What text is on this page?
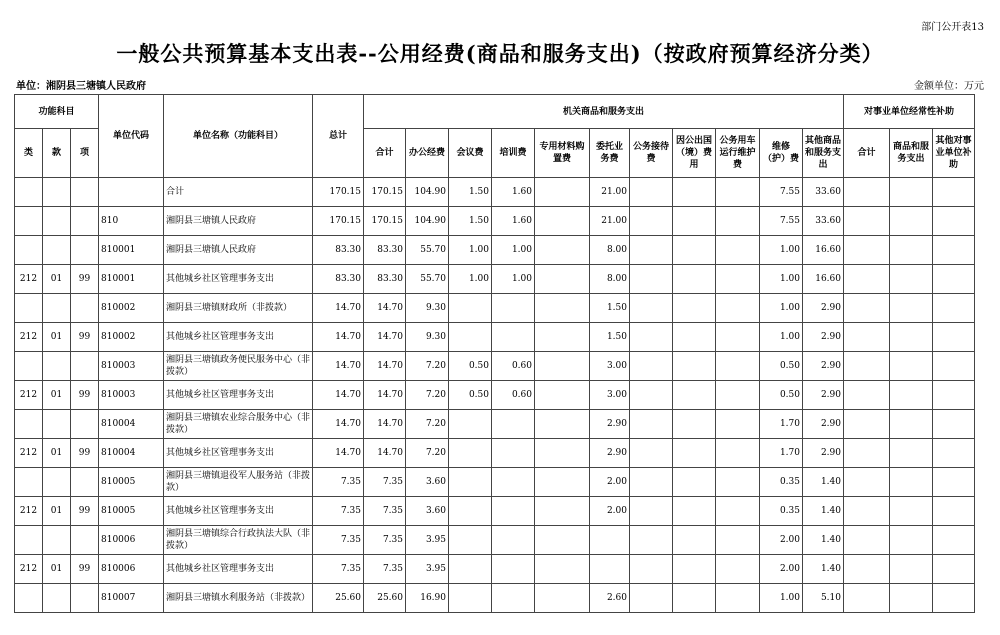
部门公开表13
一般公共预算基本支出表--公用经费(商品和服务支出)（按政府预算经济分类）
单位：湘阴县三塘镇人民政府	金额单位：万元
功能科目			单位代码	单位名称（功能科目）	总计	机关商品和服务支出											对事业单位经常性补助		
类	款	项				合计	办公经费	会议费	培训费	专用材料购置费	委托业务费	公务接待费	因公出国（境）费用	公务用车运行维护费	维修（护）费	其他商品和服务支出	合计	商品和服务支出	其他对事业单位补助
				合计	170.15	170.15	104.90	1.50	1.60		21.00				7.55	33.60			
			810	湘阴县三塘镇人民政府	170.15	170.15	104.90	1.50	1.60		21.00				7.55	33.60			
			810001	湘阴县三塘镇人民政府	83.30	83.30	55.70	1.00	1.00		8.00				1.00	16.60			
212	01	99	810001	其他城乡社区管理事务支出	83.30	83.30	55.70	1.00	1.00		8.00				1.00	16.60			
			810002	湘阴县三塘镇财政所（非拨款）	14.70	14.70	9.30				1.50				1.00	2.90			
212	01	99	810002	其他城乡社区管理事务支出	14.70	14.70	9.30				1.50				1.00	2.90			
			810003	湘阴县三塘镇政务便民服务中心（非拨款）	14.70	14.70	7.20	0.50	0.60		3.00				0.50	2.90			
212	01	99	810003	其他城乡社区管理事务支出	14.70	14.70	7.20	0.50	0.60		3.00				0.50	2.90			
			810004	湘阴县三塘镇农业综合服务中心（非拨款）	14.70	14.70	7.20				2.90				1.70	2.90			
212	01	99	810004	其他城乡社区管理事务支出	14.70	14.70	7.20				2.90				1.70	2.90			
			810005	湘阴县三塘镇退役军人服务站（非拨款）	7.35	7.35	3.60				2.00				0.35	1.40			
212	01	99	810005	其他城乡社区管理事务支出	7.35	7.35	3.60				2.00				0.35	1.40			
			810006	湘阴县三塘镇综合行政执法大队（非拨款）	7.35	7.35	3.95								2.00	1.40			
212	01	99	810006	其他城乡社区管理事务支出	7.35	7.35	3.95								2.00	1.40			
			810007	湘阴县三塘镇水利服务站（非拨款）	25.60	25.60	16.90				2.60				1.00	5.10			
